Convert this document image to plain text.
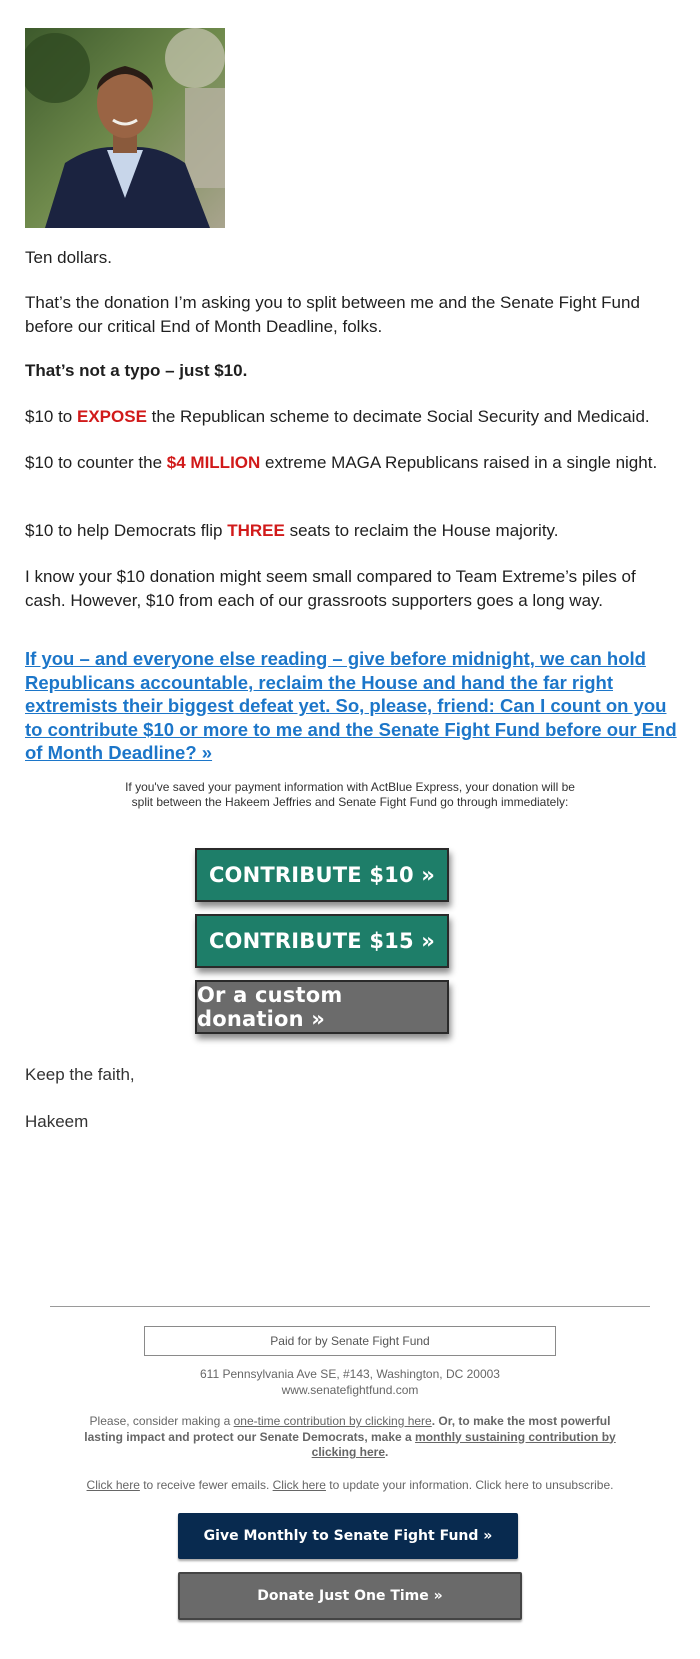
Ten dollars.

That’s the donation I’m asking you to split between me and the Senate Fight Fund before our critical End of Month Deadline, folks.

That’s not a typo – just $10.

$10 to EXPOSE the Republican scheme to decimate Social Security and Medicaid.

$10 to counter the $4 MILLION extreme MAGA Republicans raised in a single night.

$10 to help Democrats flip THREE seats to reclaim the House majority.

I know your $10 donation might seem small compared to Team Extreme’s piles of cash. However, $10 from each of our grassroots supporters goes a long way.

If you – and everyone else reading – give before midnight, we can hold Republicans accountable, reclaim the House and hand the far right extremists their biggest defeat yet. So, please, friend: Can I count on you to contribute $10 or more to me and the Senate Fight Fund before our End of Month Deadline? »

If you've saved your payment information with ActBlue Express, your donation will be split between the Hakeem Jeffries and Senate Fight Fund go through immediately:

CONTRIBUTE $10 »
CONTRIBUTE $15 »
Or a custom donation »

Keep the faith,

Hakeem

Paid for by Senate Fight Fund

611 Pennsylvania Ave SE, #143, Washington, DC 20003

www.senatefightfund.com

Please, consider making a one-time contribution by clicking here. Or, to make the most powerful lasting impact and protect our Senate Democrats, make a monthly sustaining contribution by clicking here.

Click here to receive fewer emails. Click here to update your information. Click here to unsubscribe.

Give Monthly to Senate Fight Fund »
Donate Just One Time »
